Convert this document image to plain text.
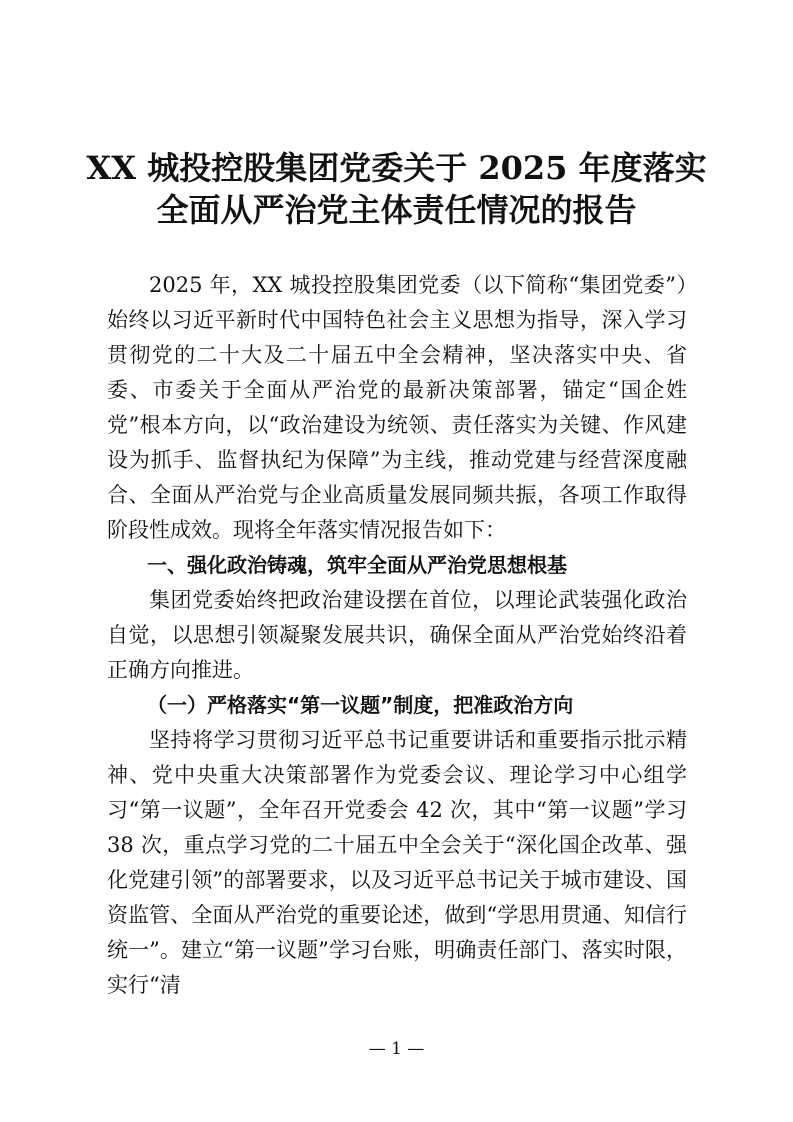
XX 城投控股集团党委关于 2025 年度落实
全面从严治党主体责任情况的报告

2025 年，XX 城投控股集团党委（以下简称“集团党委”）始终以习近平新时代中国特色社会主义思想为指导，深入学习贯彻党的二十大及二十届五中全会精神，坚决落实中央、省委、市委关于全面从严治党的最新决策部署，锚定“国企姓党”根本方向，以“政治建设为统领、责任落实为关键、作风建设为抓手、监督执纪为保障”为主线，推动党建与经营深度融合、全面从严治党与企业高质量发展同频共振，各项工作取得阶段性成效。现将全年落实情况报告如下：

一、强化政治铸魂，筑牢全面从严治党思想根基

集团党委始终把政治建设摆在首位，以理论武装强化政治自觉，以思想引领凝聚发展共识，确保全面从严治党始终沿着正确方向推进。

（一）严格落实“第一议题”制度，把准政治方向

坚持将学习贯彻习近平总书记重要讲话和重要指示批示精神、党中央重大决策部署作为党委会议、理论学习中心组学习“第一议题”，全年召开党委会 42 次，其中“第一议题”学习 38 次，重点学习党的二十届五中全会关于“深化国企改革、强化党建引领”的部署要求，以及习近平总书记关于城市建设、国资监管、全面从严治党的重要论述，做到“学思用贯通、知信行统一”。建立“第一议题”学习台账，明确责任部门、落实时限，实行“清

— 1 —
